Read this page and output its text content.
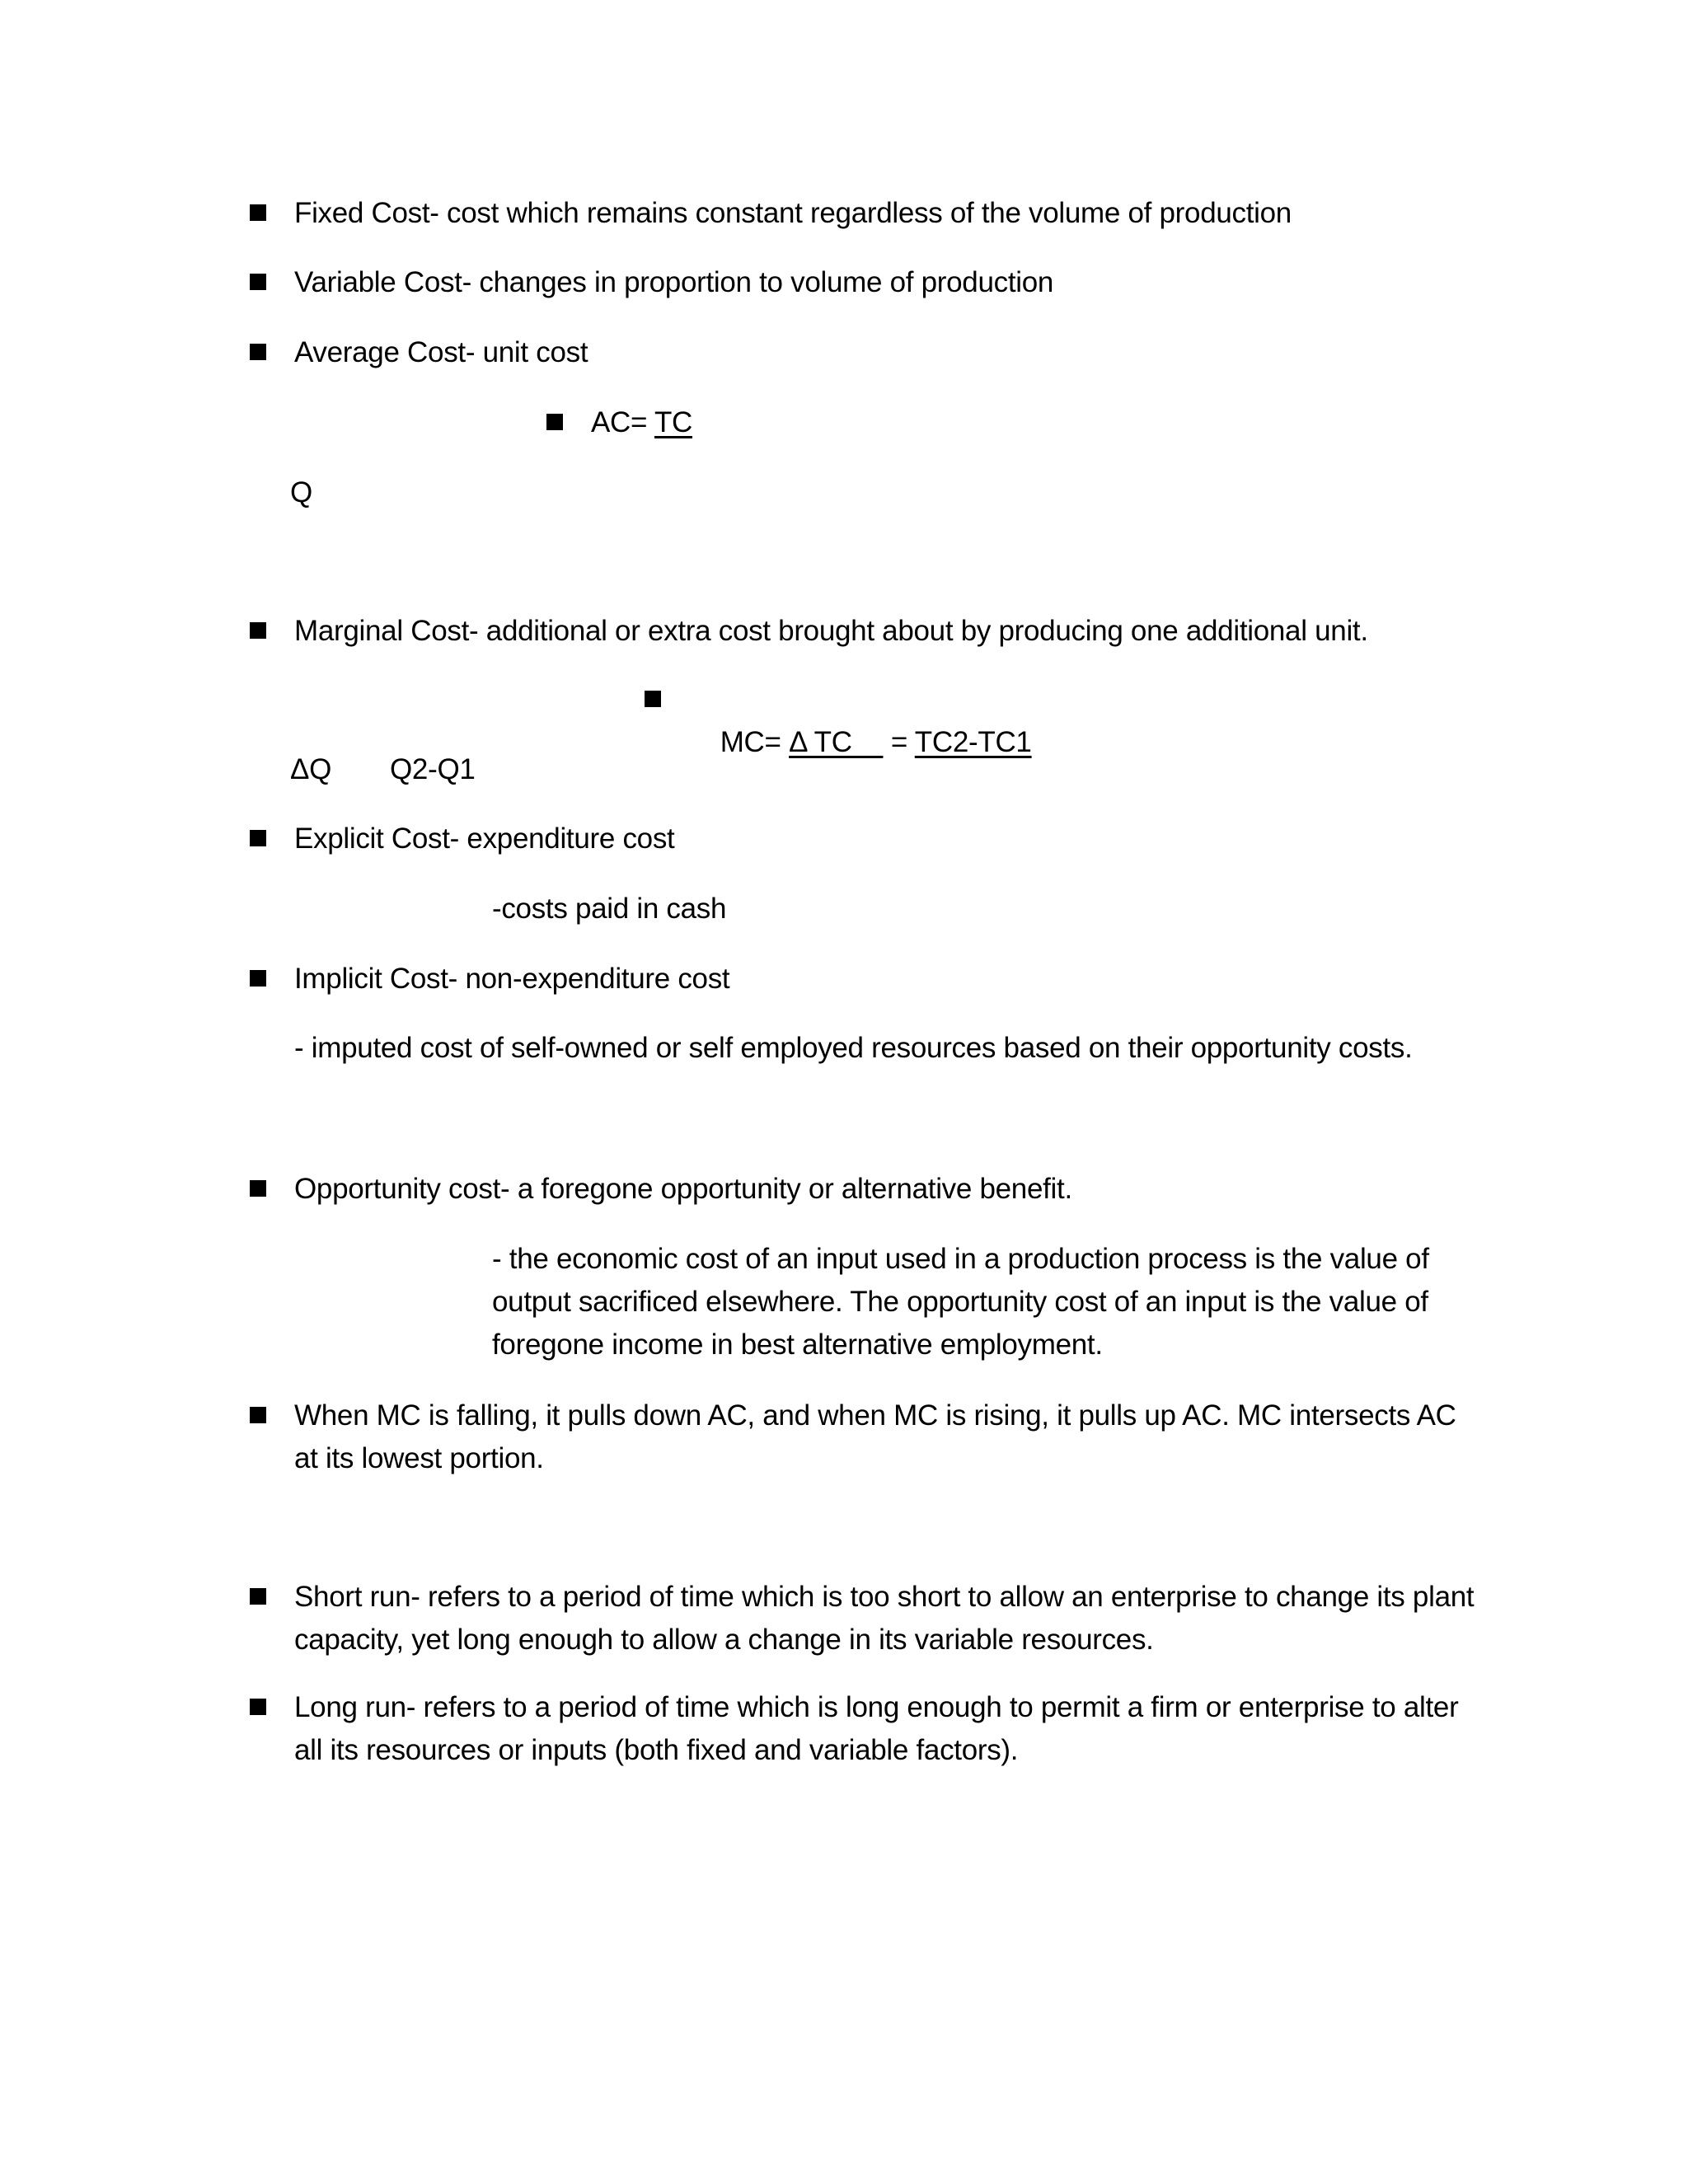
Fixed Cost- cost which remains constant regardless of the volume of production
Variable Cost- changes in proportion to volume of production
Average Cost- unit cost
AC= TC
Q
Marginal Cost- additional or extra cost brought about by producing one additional unit.

MC= Δ TC     = TC2-TC1

ΔQ Q2-Q1
Explicit Cost- expenditure cost
-costs paid in cash
Implicit Cost- non-expenditure cost
- imputed cost of self-owned or self employed resources based on their opportunity costs.
Opportunity cost- a foregone opportunity or alternative benefit.
- the economic cost of an input used in a production process is the value of output sacrificed elsewhere. The opportunity cost of an input is the value of foregone income in best alternative employment.
When MC is falling, it pulls down AC, and when MC is rising, it pulls up AC. MC intersects AC at its lowest portion.
Short run- refers to a period of time which is too short to allow an enterprise to change its plant capacity, yet long enough to allow a change in its variable resources.
Long run- refers to a period of time which is long enough to permit a firm or enterprise to alter all its resources or inputs (both fixed and variable factors).
